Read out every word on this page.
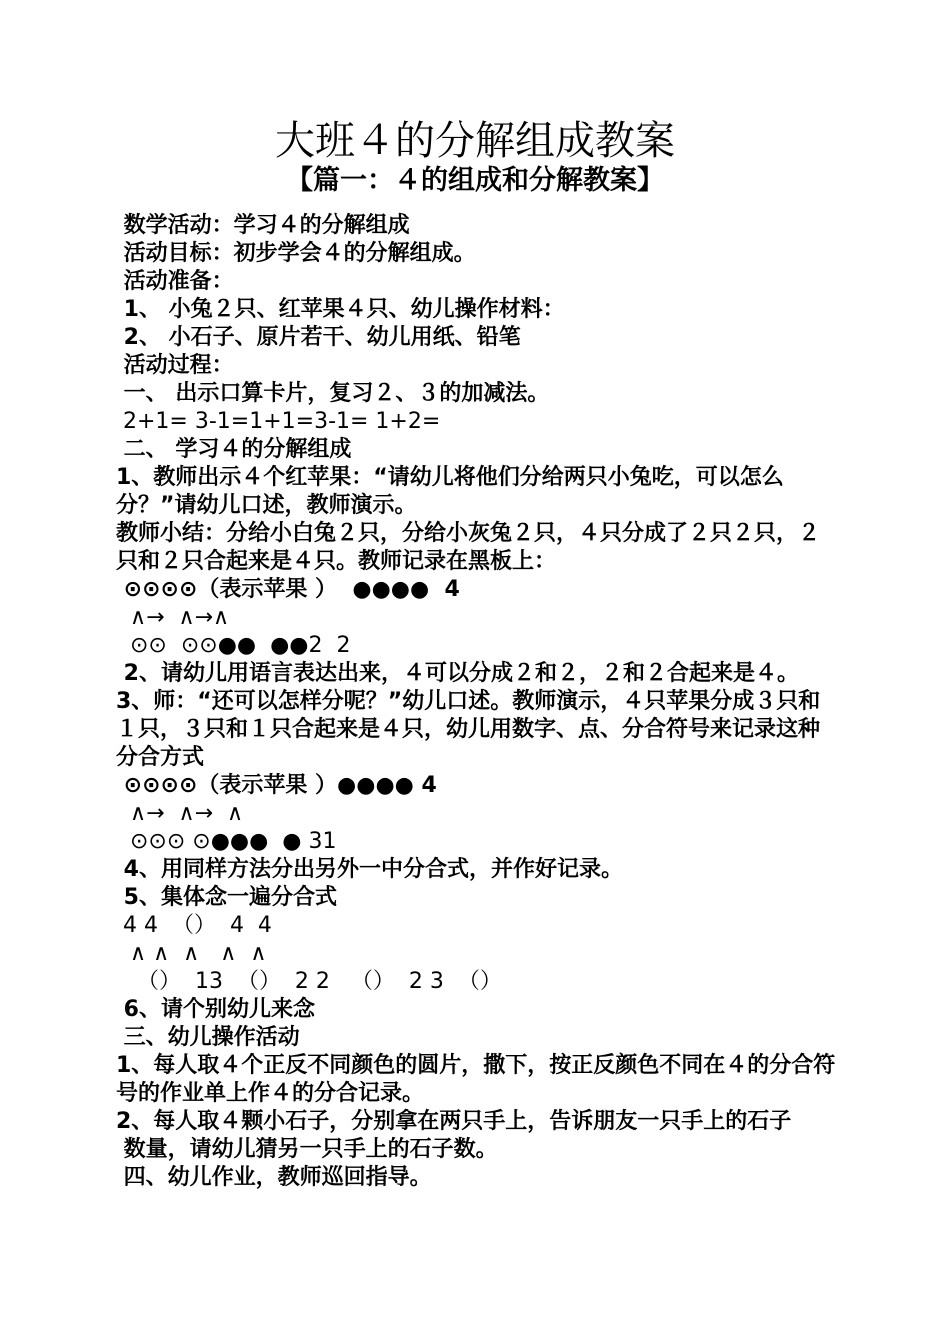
大班４的分解组成教案
【篇一：４的组成和分解教案】
数学活动：学习４的分解组成
活动目标：初步学会４的分解组成。
活动准备：
1、 小兔２只、红苹果４只、幼儿操作材料：
2、 小石子、原片若干、幼儿用纸、铅笔
活动过程：
一、 出示口算卡片，复习２、３的加减法。
2+1= 3-1=1+1=3-1= 1+2=
二、 学习４的分解组成
1、教师出示４个红苹果：“请幼儿将他们分给两只小兔吃，可以怎么分？”请幼儿口述，教师演示。
教师小结：分给小白兔２只，分给小灰兔２只，４只分成了２只２只，２只和２只合起来是４只。教师记录在黑板上：
⊙⊙⊙⊙（表示苹果 ）  ●●●●  4
∧→  ∧→∧
⊙⊙  ⊙⊙●●  ●●2  2
2、请幼儿用语言表达出来，４可以分成２和２，２和２合起来是４。
3、师：“还可以怎样分呢？”幼儿口述。教师演示，４只苹果分成３只和１只，３只和１只合起来是４只，幼儿用数字、点、分合符号来记录这种分合方式
⊙⊙⊙⊙（表示苹果 ）●●●● 4
∧→  ∧→  ∧
⊙⊙⊙ ⊙●●●  ● 31
4、用同样方法分出另外一中分合式，并作好记录。
5、集体念一遍分合式
4 4  （）  4  4
∧ ∧  ∧   ∧  ∧
（）  13  （）  2 2   （）  2 3  （）
6、请个别幼儿来念
三、幼儿操作活动
1、每人取４个正反不同颜色的圆片，撒下，按正反颜色不同在４的分合符号的作业单上作４的分合记录。
2、每人取４颗小石子，分别拿在两只手上，告诉朋友一只手上的石子
数量，请幼儿猜另一只手上的石子数。
四、幼儿作业，教师巡回指导。
